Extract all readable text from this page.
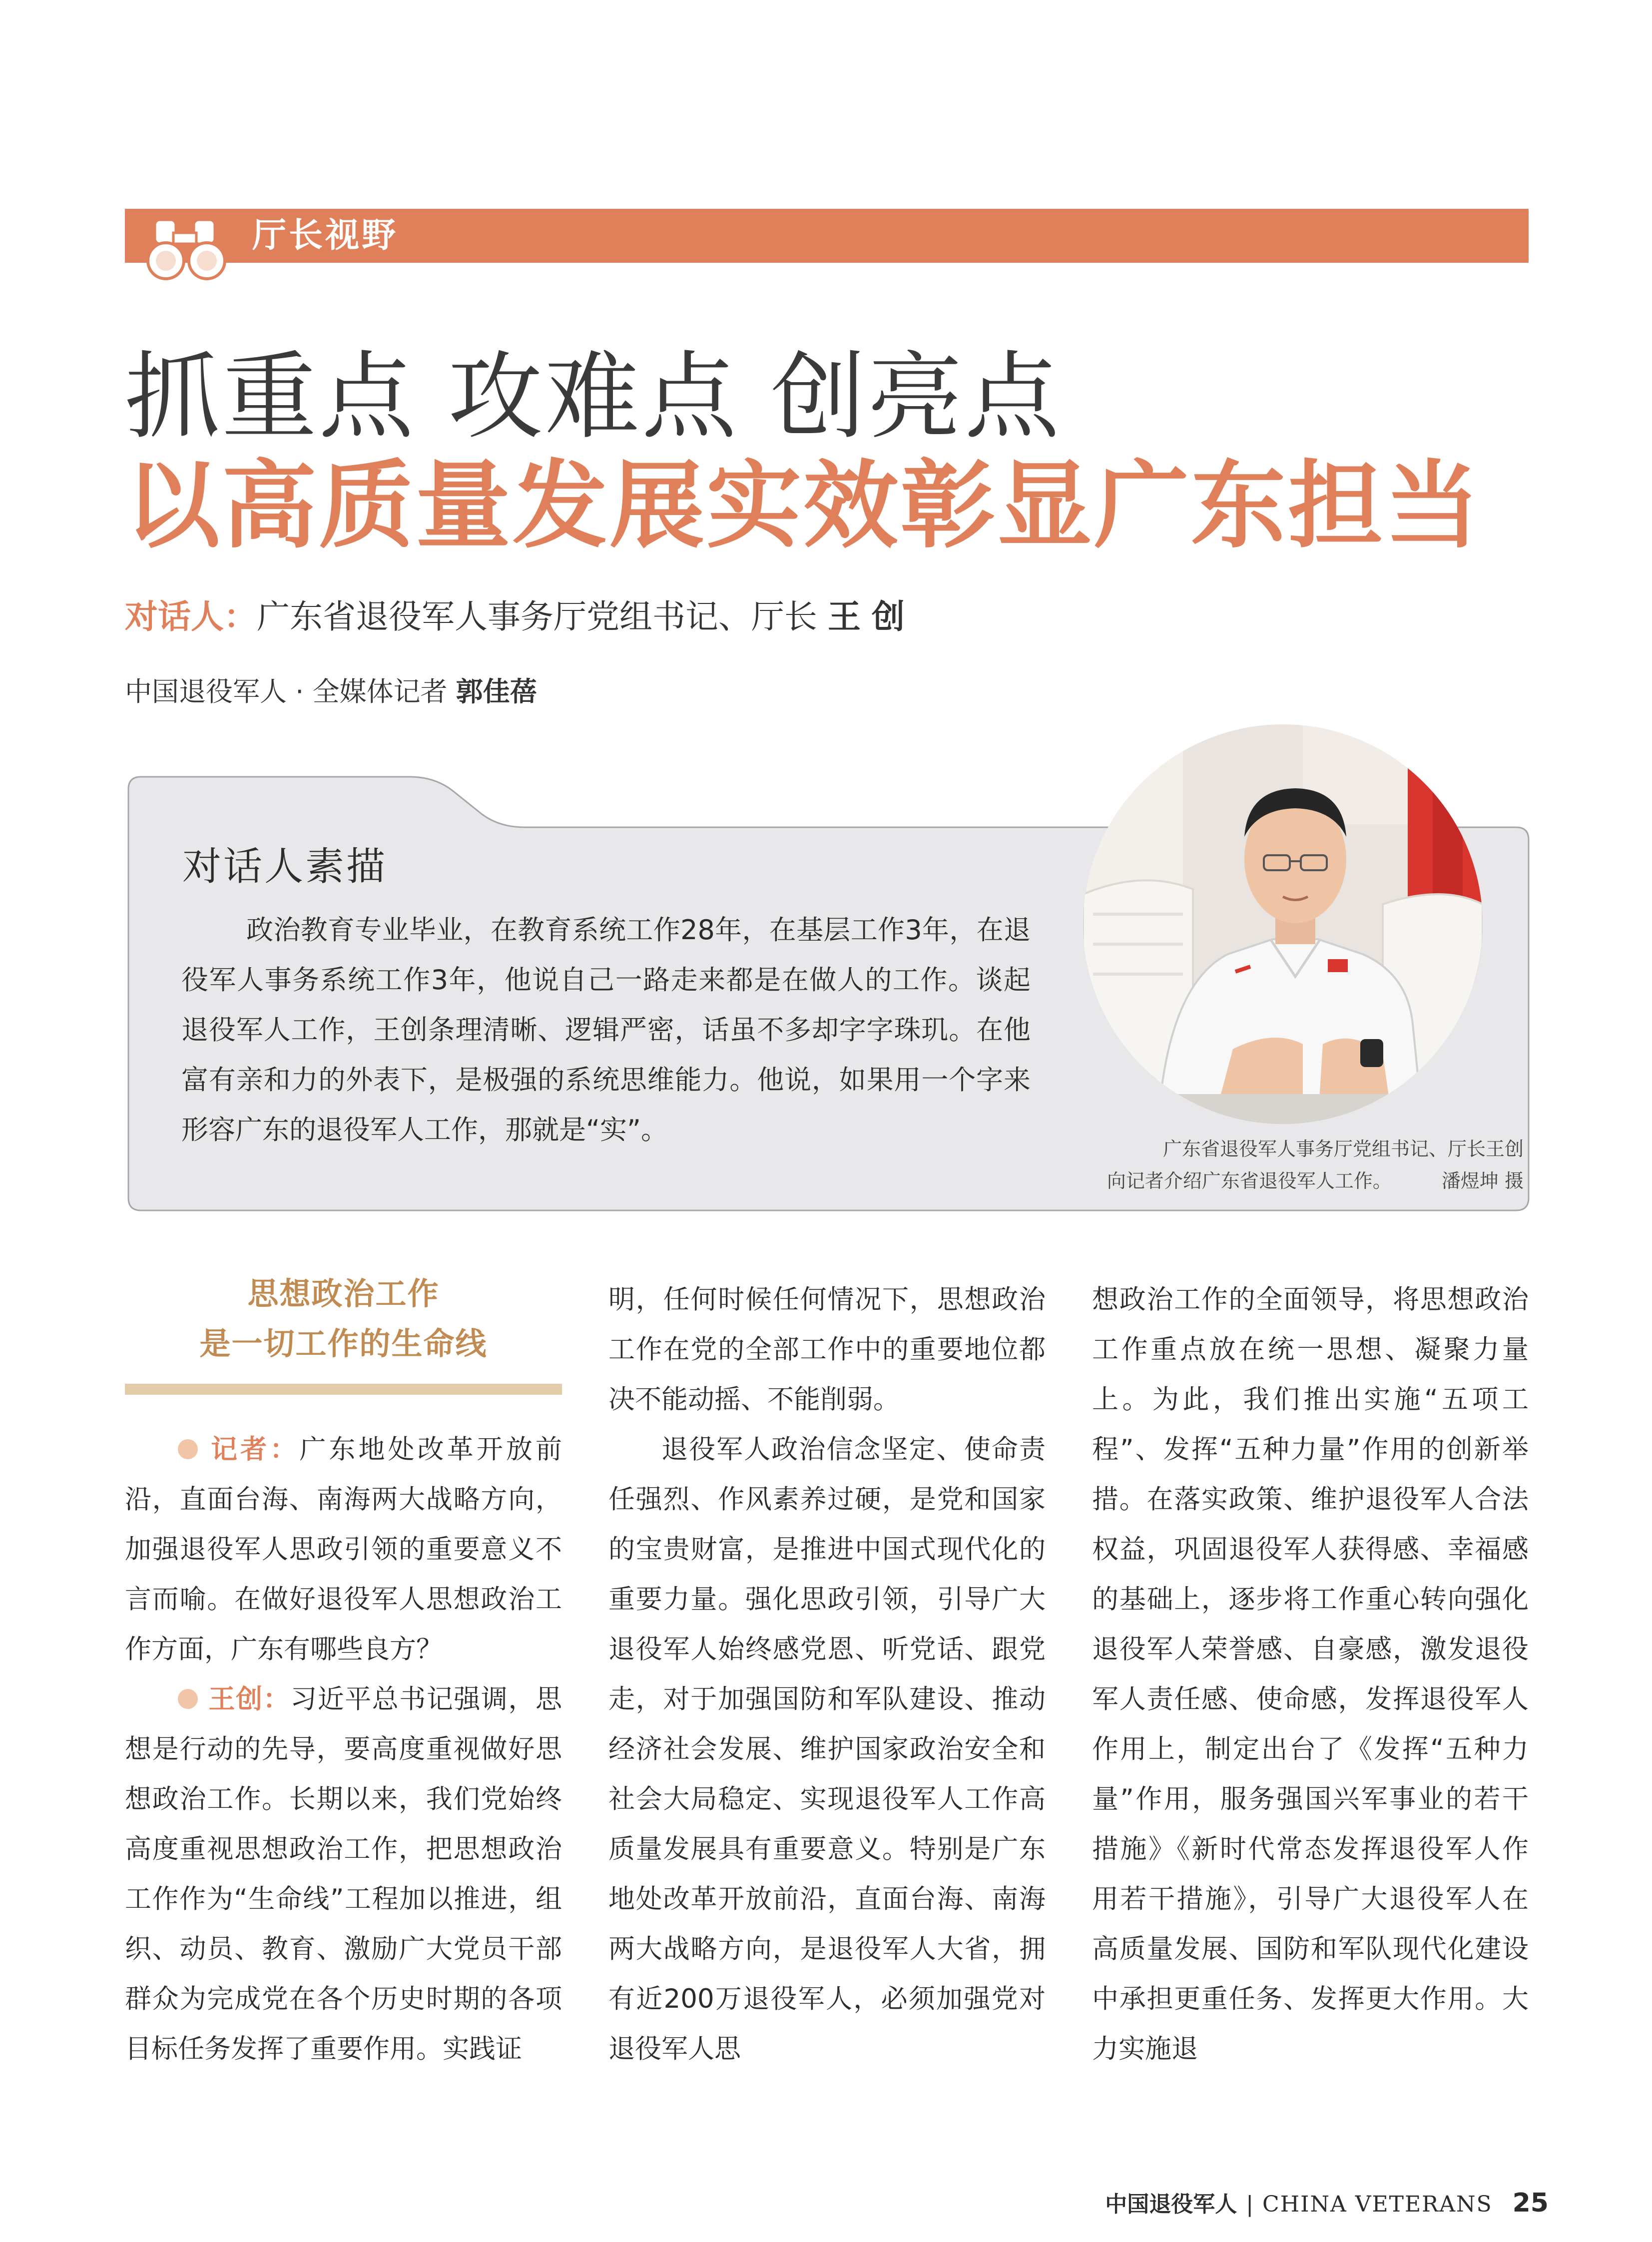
厅长视野
抓重点 攻难点 创亮点
以高质量发展实效彰显广东担当
对话人：广东省退役军人事务厅党组书记、厅长 王创
中国退役军人 · 全媒体记者 郭佳蓓
对话人素描

政治教育专业毕业，在教育系统工作28年，在基层工作3年，在退役军人事务系统工作3年，他说自己一路走来都是在做人的工作。谈起退役军人工作，王创条理清晰、逻辑严密，话虽不多却字字珠玑。在他富有亲和力的外表下，是极强的系统思维能力。他说，如果用一个字来形容广东的退役军人工作，那就是“实”。

广东省退役军人事务厅党组书记、厅长王创
向记者介绍广东省退役军人工作。	潘煜坤 摄
思想政治工作
是一切工作的生命线

记者：广东地处改革开放前沿，直面台海、南海两大战略方向，加强退役军人思政引领的重要意义不言而喻。在做好退役军人思想政治工作方面，广东有哪些良方？

王创：习近平总书记强调，思想是行动的先导，要高度重视做好思想政治工作。长期以来，我们党始终高度重视思想政治工作，把思想政治工作作为“生命线”工程加以推进，组织、动员、教育、激励广大党员干部群众为完成党在各个历史时期的各项目标任务发挥了重要作用。实践证

明，任何时候任何情况下，思想政治工作在党的全部工作中的重要地位都决不能动摇、不能削弱。

退役军人政治信念坚定、使命责任强烈、作风素养过硬，是党和国家的宝贵财富，是推进中国式现代化的重要力量。强化思政引领，引导广大退役军人始终感党恩、听党话、跟党走，对于加强国防和军队建设、推动经济社会发展、维护国家政治安全和社会大局稳定、实现退役军人工作高质量发展具有重要意义。特别是广东地处改革开放前沿，直面台海、南海两大战略方向，是退役军人大省，拥有近200万退役军人，必须加强党对退役军人思

想政治工作的全面领导，将思想政治工作重点放在统一思想、凝聚力量上。为此，我们推出实施“五项工程”、发挥“五种力量”作用的创新举措。在落实政策、维护退役军人合法权益，巩固退役军人获得感、幸福感的基础上，逐步将工作重心转向强化退役军人荣誉感、自豪感，激发退役军人责任感、使命感，发挥退役军人作用上，制定出台了《发挥“五种力量”作用，服务强国兴军事业的若干措施》《新时代常态发挥退役军人作用若干措施》，引导广大退役军人在高质量发展、国防和军队现代化建设中承担更重任务、发挥更大作用。大力实施退

中国退役军人 | CHINA VETERANS 25
